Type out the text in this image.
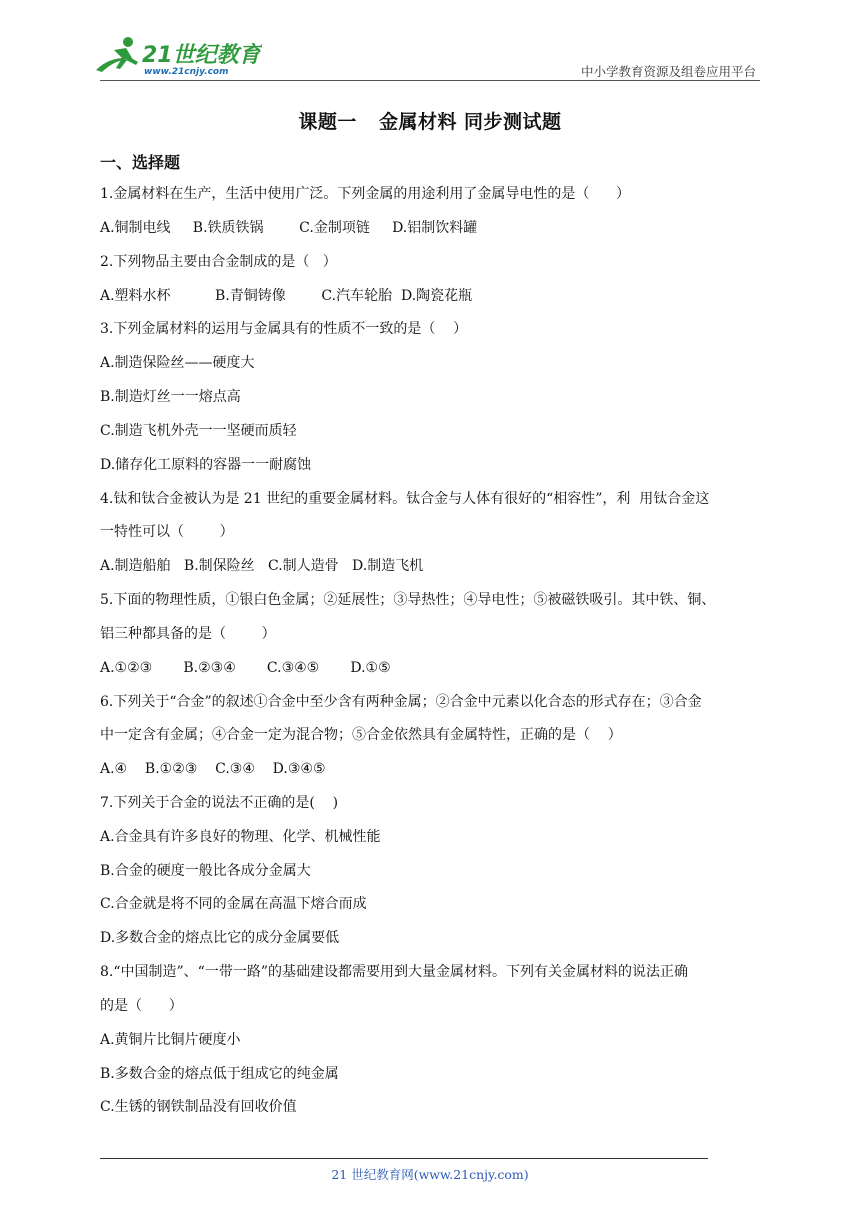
21世纪教育
www.21cnjy.com	中小学教育资源及组卷应用平台
课题一 金属材料 同步测试题
一、选择题
1.金属材料在生产，生活中使用广泛。下列金属的用途利用了金属导电性的是（      ）
A.铜制电线     B.铁质铁锅        C.金制项链     D.铝制饮料罐
2.下列物品主要由合金制成的是（   ）
A.塑料水杯          B.青铜铸像        C.汽车轮胎  D.陶瓷花瓶
3.下列金属材料的运用与金属具有的性质不一致的是（    ）
A.制造保险丝——硬度大
B.制造灯丝一一熔点高
C.制造飞机外壳一一坚硬而质轻
D.储存化工原料的容器一一耐腐蚀
4.钛和钛合金被认为是 21 世纪的重要金属材料。钛合金与人体有很好的“相容性”，利  用钛合金这
一特性可以（        ）
A.制造船舶   B.制保险丝   C.制人造骨   D.制造飞机
5.下面的物理性质，①银白色金属；②延展性；③导热性；④导电性；⑤被磁铁吸引。其中铁、铜、
铝三种都具备的是（        ）
A.①②③       B.②③④       C.③④⑤       D.①⑤
6.下列关于“合金”的叙述①合金中至少含有两种金属；②合金中元素以化合态的形式存在；③合金
中一定含有金属；④合金一定为混合物；⑤合金依然具有金属特性，正确的是（    ）
A.④    B.①②③    C.③④    D.③④⑤
7.下列关于合金的说法不正确的是(    )
A.合金具有许多良好的物理、化学、机械性能
B.合金的硬度一般比各成分金属大
C.合金就是将不同的金属在高温下熔合而成
D.多数合金的熔点比它的成分金属要低
8.“中国制造”、“一带一路”的基础建设都需要用到大量金属材料。下列有关金属材料的说法正确
的是（      ）
A.黄铜片比铜片硬度小
B.多数合金的熔点低于组成它的纯金属
C.生锈的钢铁制品没有回收价值
21 世纪教育网(www.21cnjy.com)
